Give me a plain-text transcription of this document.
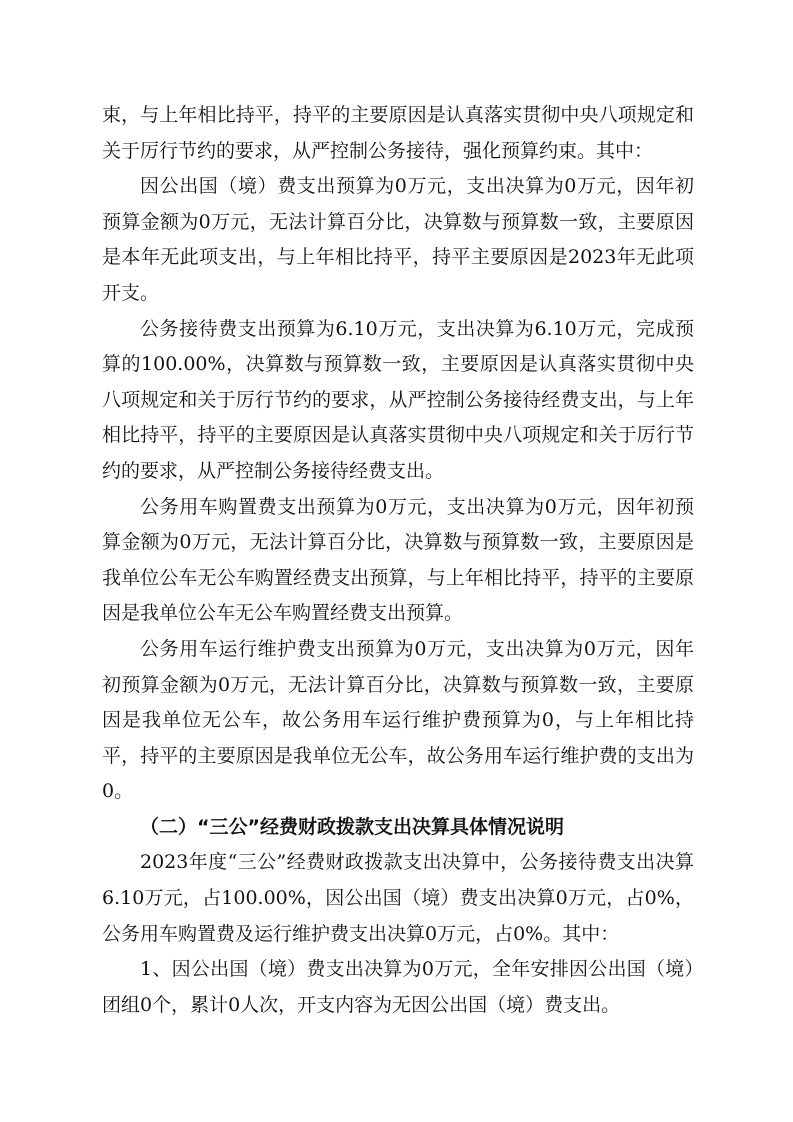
束，与上年相比持平，持平的主要原因是认真落实贯彻中央八项规定和关于厉行节约的要求，从严控制公务接待，强化预算约束。其中：

因公出国（境）费支出预算为0万元，支出决算为0万元，因年初预算金额为0万元，无法计算百分比，决算数与预算数一致，主要原因是本年无此项支出，与上年相比持平，持平主要原因是2023年无此项开支。

公务接待费支出预算为6.10万元，支出决算为6.10万元，完成预算的100.00%，决算数与预算数一致，主要原因是认真落实贯彻中央八项规定和关于厉行节约的要求，从严控制公务接待经费支出，与上年相比持平，持平的主要原因是认真落实贯彻中央八项规定和关于厉行节约的要求，从严控制公务接待经费支出。

公务用车购置费支出预算为0万元，支出决算为0万元，因年初预算金额为0万元，无法计算百分比，决算数与预算数一致，主要原因是我单位公车无公车购置经费支出预算，与上年相比持平，持平的主要原因是我单位公车无公车购置经费支出预算。

公务用车运行维护费支出预算为0万元，支出决算为0万元，因年初预算金额为0万元，无法计算百分比，决算数与预算数一致，主要原因是我单位无公车，故公务用车运行维护费预算为0，与上年相比持平，持平的主要原因是我单位无公车，故公务用车运行维护费的支出为0。

（二）“三公”经费财政拨款支出决算具体情况说明

2023年度“三公”经费财政拨款支出决算中，公务接待费支出决算6.10万元，占100.00%，因公出国（境）费支出决算0万元，占0%，公务用车购置费及运行维护费支出决算0万元，占0%。其中：

1、因公出国（境）费支出决算为0万元，全年安排因公出国（境）团组0个，累计0人次，开支内容为无因公出国（境）费支出。
